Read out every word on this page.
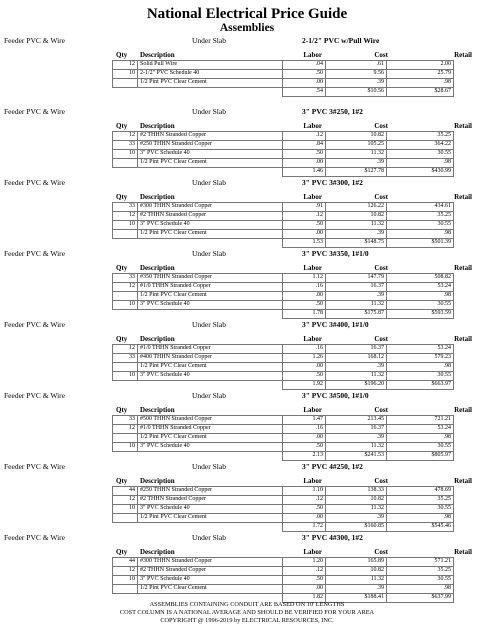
National Electrical Price Guide
Assemblies
Feeder PVC & Wire	Under Slab	2-1/2" PVC w/Pull Wire
Qty Description	Labor	Cost	Retail
12	Solid Pull Wire	.04	.61	2.00
10	2-1/2" PVC Schedule 40	.50	9.56	25.79
	1/2 Pint PVC Clear Cement	.00	.39	.98
		.54	$10.56	$28.67
Feeder PVC & Wire	Under Slab	3" PVC 3#250, 1#2
Qty Description	Labor	Cost	Retail
12	#2 THHN Stranded Copper	.12	10.82	35.25
33	#250 THHN Stranded Copper	.84	105.25	364.22
10	3" PVC Schedule 40	.50	11.32	30.55
	1/2 Pint PVC Clear Cement	.00	.39	.98
		1.46	$127.78	$430.99
Feeder PVC & Wire	Under Slab	3" PVC 3#300, 1#2
Qty Description	Labor	Cost	Retail
33	#300 THHN Stranded Copper	.91	126.22	434.61
12	#2 THHN Stranded Copper	.12	10.82	35.25
10	3" PVC Schedule 40	.50	11.32	30.55
	1/2 Pint PVC Clear Cement	.00	.39	.98
		1.53	$148.75	$501.39
Feeder PVC & Wire	Under Slab	3" PVC 3#350, 1#1/0
Qty Description	Labor	Cost	Retail
33	#350 THHN Stranded Copper	1.12	147.79	508.82
12	#1/0 THHN Stranded Copper	.16	16.37	53.24
	1/2 Pint PVC Clear Cement	.00	.39	.98
10	3" PVC Schedule 40	.50	11.32	30.55
		1.78	$175.87	$593.59
Feeder PVC & Wire	Under Slab	3" PVC 3#400, 1#1/0
Qty Description	Labor	Cost	Retail
12	#1/0 THHN Stranded Copper	.16	16.37	53.24
33	#400 THHN Stranded Copper	1.26	168.12	579.23
	1/2 Pint PVC Clear Cement	.00	.39	.98
10	3" PVC Schedule 40	.50	11.32	30.55
		1.92	$196.20	$663.97
Feeder PVC & Wire	Under Slab	3" PVC 3#500, 1#1/0
Qty Description	Labor	Cost	Retail
33	#500 THHN Stranded Copper	1.47	213.45	721.21
12	#1/0 THHN Stranded Copper	.16	16.37	53.24
	1/2 Pint PVC Clear Cement	.00	.39	.98
10	3" PVC Schedule 40	.50	11.32	30.55
		2.13	$241.53	$805.97
Feeder PVC & Wire	Under Slab	3" PVC 4#250, 1#2
Qty Description	Labor	Cost	Retail
44	#250 THHN Stranded Copper	1.10	138.33	478.69
12	#2 THHN Stranded Copper	.12	10.82	35.25
10	3" PVC Schedule 40	.50	11.32	30.55
	1/2 Pint PVC Clear Cement	.00	.39	.98
		1.72	$160.85	$545.46
Feeder PVC & Wire	Under Slab	3" PVC 4#300, 1#2
Qty Description	Labor	Cost	Retail
44	#300 THHN Stranded Copper	1.20	165.89	571.21
12	#2 THHN Stranded Copper	.12	10.82	35.25
10	3" PVC Schedule 40	.50	11.32	30.55
	1/2 Pint PVC Clear Cement	.00	.39	.98
		1.82	$188.41	$637.99
ASSEMBLIES CONTAINING CONDUIT ARE BASED ON 10' LENGTHS
COST COLUMN IS A NATIONAL AVERAGE AND SHOULD BE VERIFIED FOR YOUR AREA
COPYRIGHT @ 1996-2019 by ELECTRICAL RESOURCES, INC.
